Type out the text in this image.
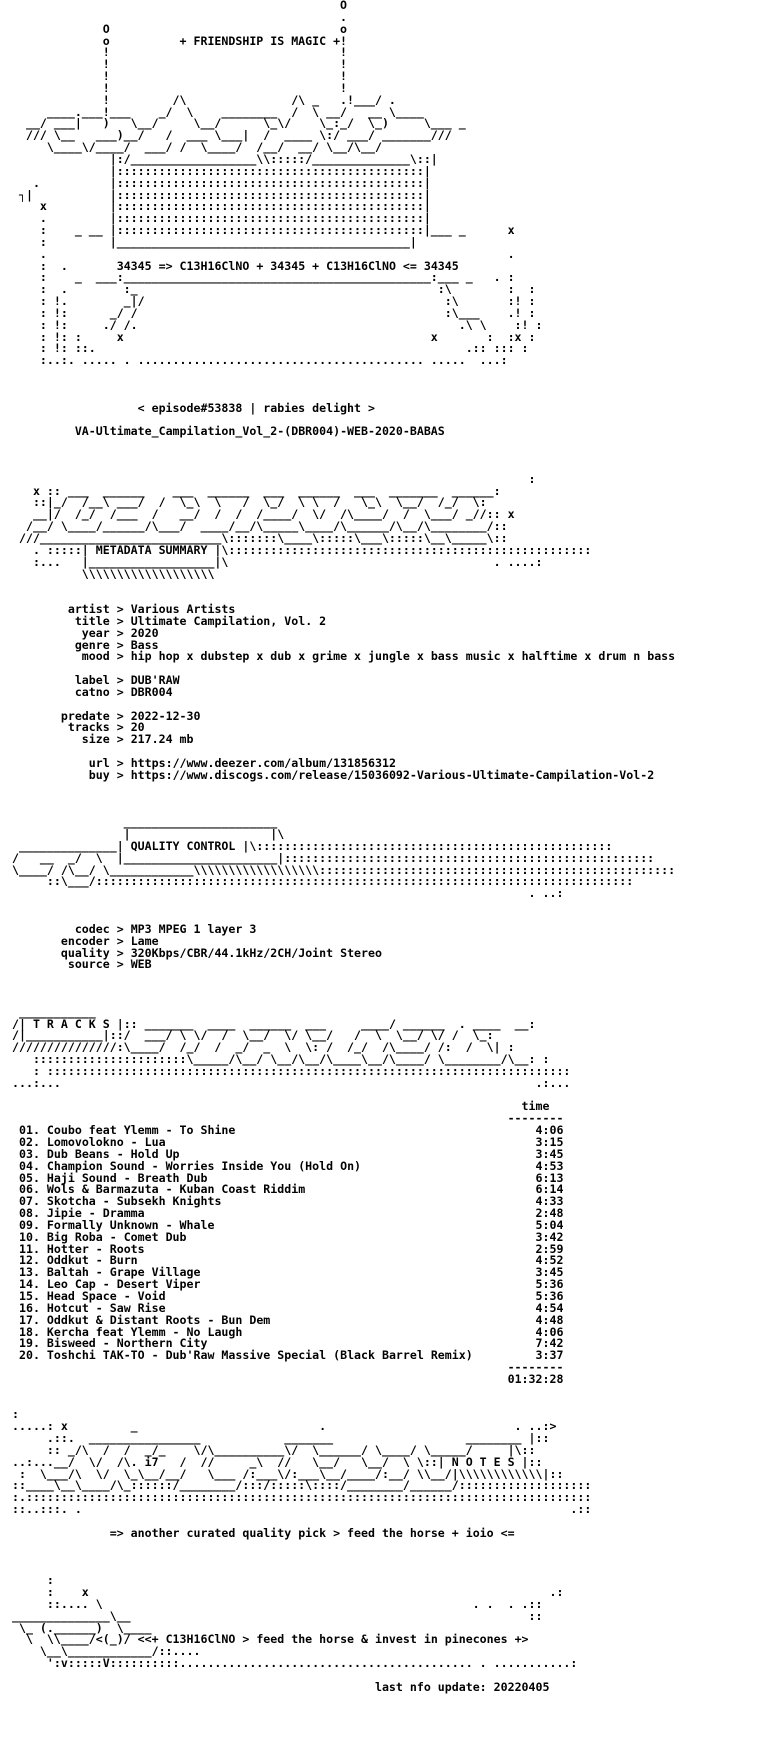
O
.
O                                 o
o          + FRIENDSHIP IS MAGIC +!
!                                 !
!                                 !
!                                 !
!                                 !
!         /\               /\ _   .!___/ .
____.___!___    _/  \    ________  /  \ __/   __ \____
__/ ___|   )   \__/     \__/      \_\/    \_:_/  \_)     \___ _
/// \__   ___)__/   /  ___ \___|  /  ____ \:/ ___/ _______///
\____\/____/  ___/ /  \____/  /__/  __/ \__/\__/
|:/__________________\\:::::/______________\::|
|::::::::::::::::::::::::::::::::::::::::::::|
.          |::::::::::::::::::::::::::::::::::::::::::::|
┐|           |::::::::::::::::::::::::::::::::::::::::::::|
x         |::::::::::::::::::::::::::::::::::::::::::::|
.         |::::::::::::::::::::::::::::::::::::::::::::|
:    _ __ |::::::::::::::::::::::::::::::::::::::::::::|___ _      x
:         |__________________________________________|
.                                                                  .
:  .	34345 => C13H16ClNO + 34345 + C13H16ClNO <= 34345
:    _  ___:____________________________________________:___ _   . :
:  .        :_                                           :\        :  :
: !.        _|/                                           :\       :! :
: !:      _/ /                                            :\___    .! :
: !:     ./ /.                                              .\ \    :! :
: !: :     x                                            x       :  :x :
: !: ::.                                                     .:: ::: :
:..:. ..... . ......................................... .....  ...:

< episode#53838 | rabies delight >

VA-Ultimate_Campilation_Vol_2-(DBR004)-WEB-2020-BABAS

:
x :: ___  ______    ___  ______  ___  ______  ___  _______  ______:
::|_/  /__\ ___/  /  \_\  \   /  \_/  \ \  /   \_\  \__/  /_/  \:
__|/  /_/  /___  /   __/  /  /  /____/  \/  /\____/  /  \___/ _//:: x
/__/ \____/______/\___/  ____/__/\_____\____/\______/\__/\________/::
///__________________________\:::::::\____\:::::\___\:::::\__\_____\::
. :::::| METADATA SUMMARY |\::::::::::::::::::::::::::::::::::::::::::::::::::::
:...   |__________________|\                                      . ....:
\\\\\\\\\\\\\\\\\\\

artist > Various Artists
title > Ultimate Campilation, Vol. 2
year > 2020
genre > Bass
mood > hip hop x dubstep x dub x grime x jungle x bass music x halftime x drum n bass

label > DUB'RAW
catno > DBR004

predate > 2022-12-30
tracks > 20
size > 217.24 mb

url > https://www.deezer.com/album/131856312
buy > https://www.discogs.com/release/15036092-Various-Ultimate-Campilation-Vol-2

______________________
|                    |\
______________| QUALITY CONTROL |\:::::::::::::::::::::::::::::::::::::::::::::::::::
/   __  _/  \  |______________________|:::::::::::::::::::::::::::::::::::::::::::::::::::::
\____/ /\__/ \____________\\\\\\\\\\\\\\\\\\:::::::::::::::::::::::::::::::::::::::::::::::::::
::\___/:::::::::::::::::::::::::::::::::::::::::::::::::::::::::::::::::::::::::::::
. ..:

codec > MP3 MPEG 1 layer 3
encoder > Lame
quality > 320Kbps/CBR/44.1kHz/2CH/Joint Stereo
source > WEB

___________
/| T R A C K S |:: _______  ____  ______  ___     ____/ ______  . ____  __:
/|___________|::/  ___/ \ \/  /  \__/  \/ \__/   /  \  \__/ \/ /  \_:
///////////////:\____/  /_/  /  _/  _  \  \: /  /_/  /\____/ /:  /  \| :
::::::::::::::::::::::\_____/\__/ \__/\__/\____\__/\____/ \________/\__: :
: :::::::::::::::::::::::::::::::::::::::::::::::::::::::::::::::::::::::::::
...:...                                                                    .:...

time
--------
01. Coubo feat Ylemm - To Shine	4:06
02. Lomovolokno - Lua	3:15
03. Dub Beans - Hold Up	3:45
04. Champion Sound - Worries Inside You (Hold On)	4:53
05. Haji Sound - Breath Dub	6:13
06. Wols & Barmazuta - Kuban Coast Riddim	6:14
07. Skotcha - Subsekh Knights	4:33
08. Jipie - Dramma	2:48
09. Formally Unknown - Whale	5:04
10. Big Roba - Comet Dub	3:42
11. Hotter - Roots	2:59
12. Oddkut - Burn	4:52
13. Baltah - Grape Village	3:45
14. Leo Cap - Desert Viper	5:36
15. Head Space - Void	5:36
16. Hotcut - Saw Rise	4:54
17. Oddkut & Distant Roots - Bun Dem	4:48
18. Kercha feat Ylemm - No Laugh	4:06
19. Bisweed - Northern City	7:42
20. Toshchi TAK-TO - Dub'Raw Massive Special (Black Barrel Remix)	3:37
--------
01:32:28

:
.....: x         _                          .                           . ..:>
.::.  ________________            _______                   ________ |::
:: _/\  /  /  _/_    \/\__________\/  \______/ \____/ \_____/     |\::
..:...__/  \/  /\. i7   /  //     _\  //   \__/   \__/  \ \::| N O T E S |::
:  \___/\  \/  \_\__/__/   \___ /:___\/:___\__/____/:__/ \\__/|\\\\\\\\\\\\|::
::____\__\____/\_::::::/________/:::/:::::\::::/________/______/:::::::::::::::::::
:.:::::::::::::::::::::::::::::::::::::::::::::::::::::::::::::::::::::::::::::::::
::..:::. .                                                                      .::

=> another curated quality pick > feed the horse + ioio <=

:
:    x                                                                  .:
::.... \                                                     . .  . .::
______________\__                                                         ::
\_ (.______)  \____
\  \\____/<(_)/ <<+ C13H16ClNO > feed the horse & invest in pinecones +>
\__\____________/::....
':v:::::V::::::::::.......................................... . ...........:

last nfo update: 20220405
